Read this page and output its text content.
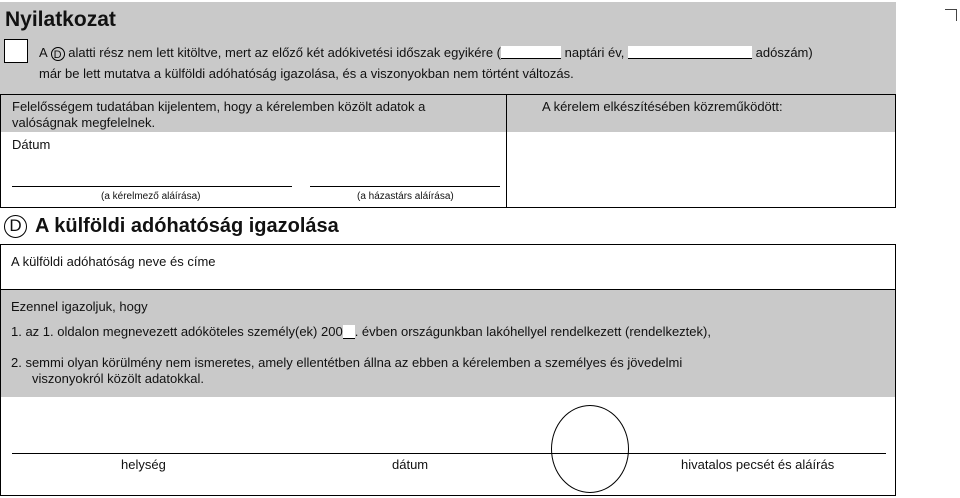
Nyilatkozat
A D alatti rész nem lett kitöltve, mert az előző két adókivetési időszak egyikére (	naptári év,	adószám)
már be lett mutatva a külföldi adóhatóság igazolása, és a viszonyokban nem történt változás.
Felelősségem tudatában kijelentem, hogy a kérelemben közölt adatok a
valóságnak megfelelnek.
Dátum
A kérelem elkészítésében közreműködött:
(a kérelmező aláírása)	(a házastárs aláírása)
D A külföldi adóhatóság igazolása
A külföldi adóhatóság neve és címe
Ezennel igazoljuk, hogy
1. az 1. oldalon megnevezett adóköteles személy(ek) 200 . évben országunkban lakóhellyel rendelkezett (rendelkeztek),
2. semmi olyan körülmény nem ismeretes, amely ellentétben állna az ebben a kérelemben a személyes és jövedelmi
viszonyokról közölt adatokkal.
helység	dátum	hivatalos pecsét és aláírás
